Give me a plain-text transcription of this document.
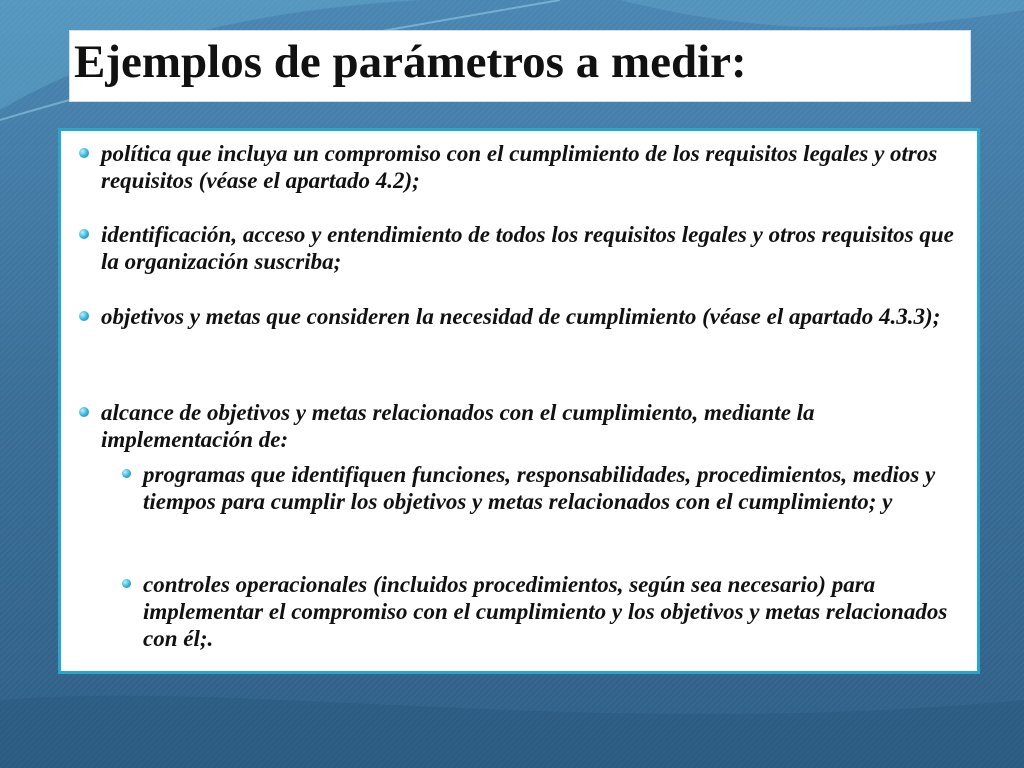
Ejemplos de parámetros a medir:
política que incluya un compromiso con el cumplimiento de los requisitos legales y otros requisitos (véase el apartado 4.2);
identificación, acceso y entendimiento de todos los requisitos legales y otros requisitos que la organización suscriba;
objetivos y metas que consideren la necesidad de cumplimiento (véase el apartado 4.3.3);
alcance de objetivos y metas relacionados con el cumplimiento, mediante la implementación de:
programas que identifiquen funciones, responsabilidades, procedimientos, medios y tiempos para cumplir los objetivos y metas relacionados con el cumplimiento; y
controles operacionales (incluidos procedimientos, según sea necesario) para implementar el compromiso con el cumplimiento y los objetivos y metas relacionados con él;.
